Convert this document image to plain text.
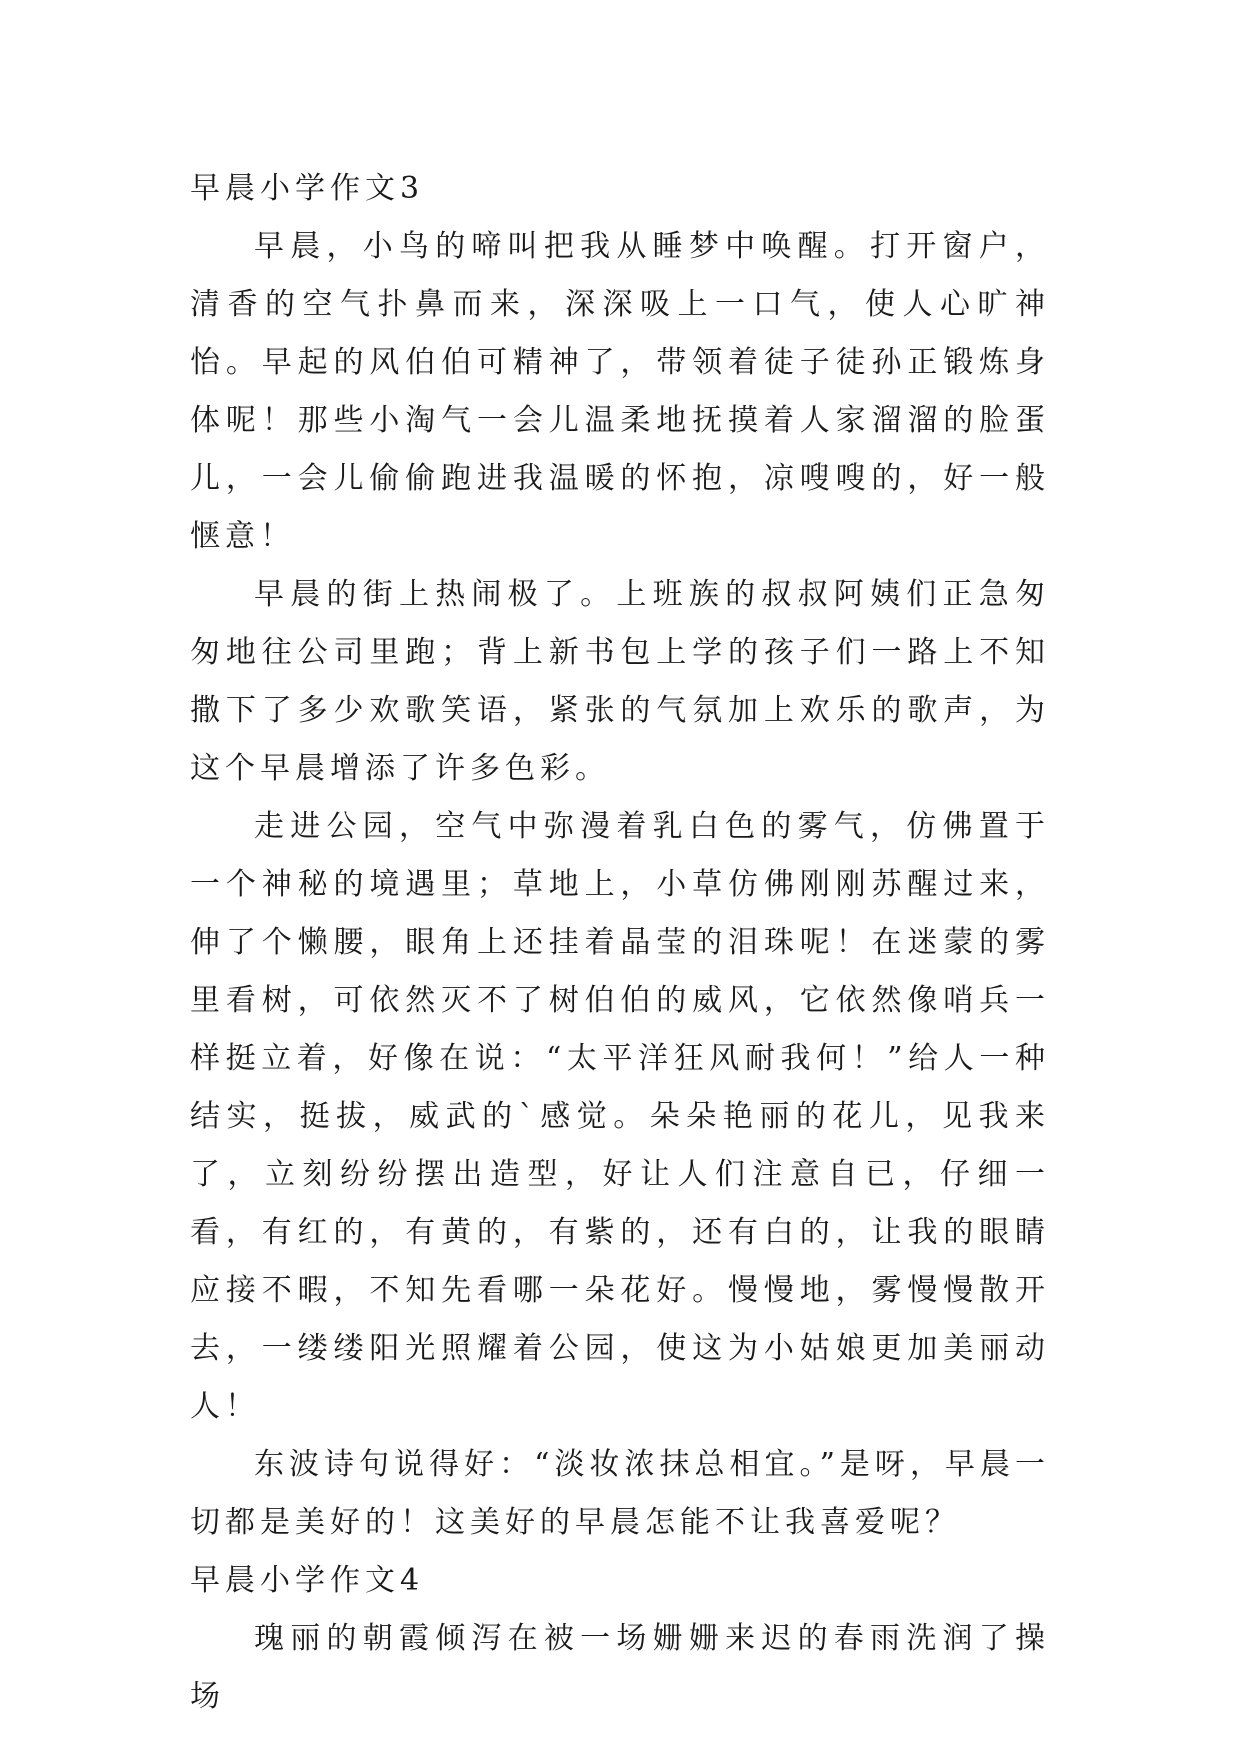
早晨小学作文3

早晨，小鸟的啼叫把我从睡梦中唤醒。打开窗户，清香的空气扑鼻而来，深深吸上一口气，使人心旷神怡。早起的风伯伯可精神了，带领着徒子徒孙正锻炼身体呢！那些小淘气一会儿温柔地抚摸着人家溜溜的脸蛋儿，一会儿偷偷跑进我温暖的怀抱，凉嗖嗖的，好一般惬意！

早晨的街上热闹极了。上班族的叔叔阿姨们正急匆匆地往公司里跑；背上新书包上学的孩子们一路上不知撒下了多少欢歌笑语，紧张的气氛加上欢乐的歌声，为这个早晨增添了许多色彩。

走进公园，空气中弥漫着乳白色的雾气，仿佛置于一个神秘的境遇里；草地上，小草仿佛刚刚苏醒过来，伸了个懒腰，眼角上还挂着晶莹的泪珠呢！在迷蒙的雾里看树，可依然灭不了树伯伯的威风，它依然像哨兵一样挺立着，好像在说：“太平洋狂风耐我何！”给人一种结实，挺拔，威武的`感觉。朵朵艳丽的花儿，见我来了，立刻纷纷摆出造型，好让人们注意自已，仔细一看，有红的，有黄的，有紫的，还有白的，让我的眼睛应接不暇，不知先看哪一朵花好。慢慢地，雾慢慢散开去，一缕缕阳光照耀着公园，使这为小姑娘更加美丽动人！

东波诗句说得好：“淡妆浓抹总相宜。”是呀，早晨一切都是美好的！这美好的早晨怎能不让我喜爱呢？

早晨小学作文4

瑰丽的朝霞倾泻在被一场姗姗来迟的春雨洗润了操场
